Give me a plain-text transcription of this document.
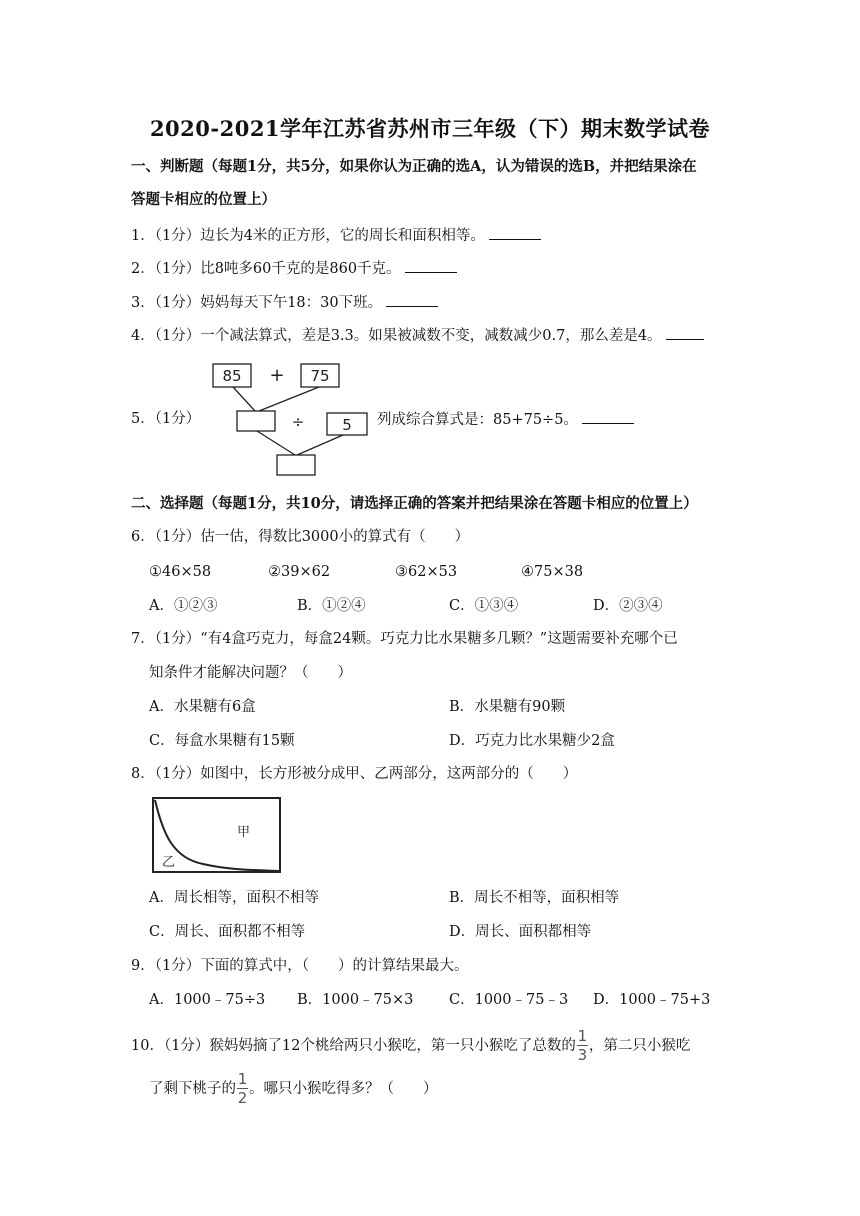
2020-2021学年江苏省苏州市三年级（下）期末数学试卷
一、判断题（每题1分，共5分，如果你认为正确的选A，认为错误的选B，并把结果涂在
答题卡相应的位置上）
1．（1分）边长为4米的正方形，它的周长和面积相等。
2．（1分）比8吨多60千克的是860千克。
3．（1分）妈妈每天下午18：30下班。
4．（1分）一个减法算式，差是3.3。如果被减数不变，减数减少0.7，那么差是4。
5．（1分）
85 + 75
÷	5 列成综合算式是：85+75÷5。
二、选择题（每题1分，共10分，请选择正确的答案并把结果涂在答题卡相应的位置上）
6．（1分）估一估，得数比3000小的算式有（　　）
①46×58	②39×62	③62×53	④75×38
A．①②③	B．①②④	C．①③④	D．②③④
7．（1分）“有4盒巧克力，每盒24颗。巧克力比水果糖多几颗？”这题需要补充哪个已
知条件才能解决问题？（　　）
A．水果糖有6盒	B．水果糖有90颗
C．每盒水果糖有15颗	D．巧克力比水果糖少2盒
8．（1分）如图中，长方形被分成甲、乙两部分，这两部分的（　　）
甲
乙
A．周长相等，面积不相等	B．周长不相等，面积相等
C．周长、面积都不相等	D．周长、面积都相等
9．（1分）下面的算式中，（　　）的计算结果最大。
A．1000﹣75÷3 B．1000﹣75×3 C．1000﹣75﹣3 D．1000﹣75+3
10．（1分）猴妈妈摘了12个桃给两只小猴吃，第一只小猴吃了总数的 $\frac{1}{3}$ ，第二只小猴吃
了剩下桃子的 $\frac{1}{2}$ 。哪只小猴吃得多？（　　）
